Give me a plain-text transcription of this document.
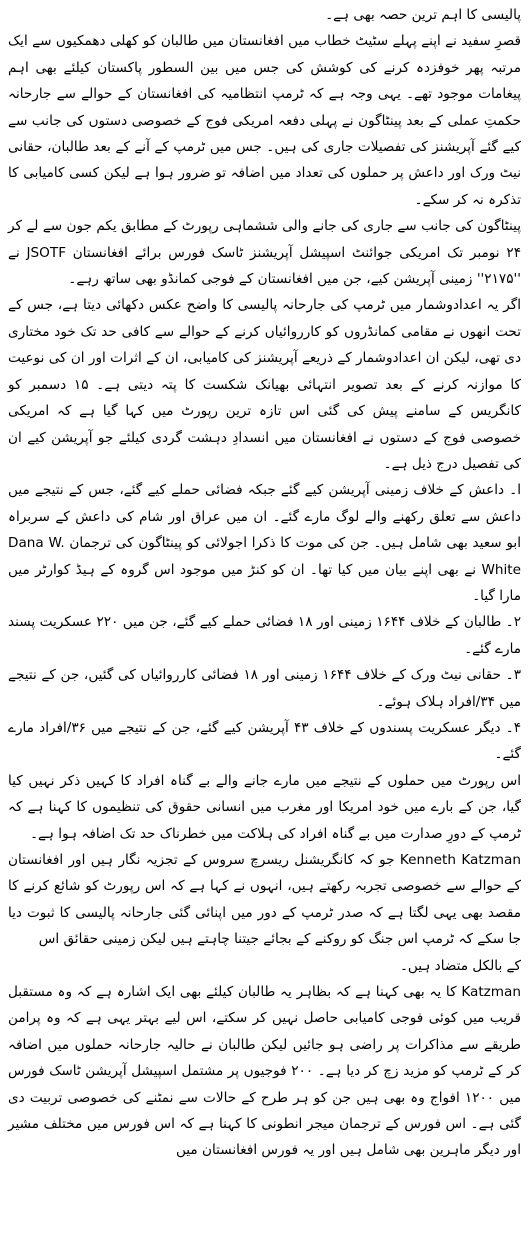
پالیسی کا اہم ترین حصہ بھی ہے۔

قصرِ سفید نے اپنے پہلے سٹیٹ خطاب میں افغانستان میں طالبان کو کھلی دھمکیوں سے ایک مرتبہ پھر خوفزدہ کرنے کی کوشش کی جس میں بین السطور پاکستان کیلئے بھی اہم پیغامات موجود تھے۔ یہی وجہ ہے کہ ٹرمپ انتظامیہ کی افغانستان کے حوالے سے جارحانہ حکمتِ عملی کے بعد پینٹاگون نے پہلی دفعہ امریکی فوج کے خصوصی دستوں کی جانب سے کیے گئے آپریشنز کی تفصیلات جاری کی ہیں۔ جس میں ٹرمپ کے آنے کے بعد طالبان، حقانی نیٹ ورک اور داعش پر حملوں کی تعداد میں اضافہ تو ضرور ہوا ہے لیکن کسی کامیابی کا تذکرہ نہ کر سکے۔

پینٹاگون کی جانب سے جاری کی جانے والی ششماہی رپورٹ کے مطابق یکم جون سے لے کر ۲۴ نومبر تک امریکی جوائنٹ اسپیشل آپریشنز ٹاسک فورس برائے افغانستان JSOTF نے ''۲۱۷۵'' زمینی آپریشن کیے، جن میں افغانستان کے فوجی کمانڈو بھی ساتھ رہے۔

اگر یہ اعدادوشمار میں ٹرمپ کی جارحانہ پالیسی کا واضح عکس دکھائی دیتا ہے، جس کے تحت انھوں نے مقامی کمانڈروں کو کارروائیاں کرنے کے حوالے سے کافی حد تک خود مختاری دی تھی، لیکن ان اعدادوشمار کے ذریعے آپریشنز کی کامیابی، ان کے اثرات اور ان کی نوعیت کا موازنہ کرنے کے بعد تصویر انتہائی بھیانک شکست کا پتہ دیتی ہے۔ ۱۵ دسمبر کو کانگریس کے سامنے پیش کی گئی اس تازہ ترین رپورٹ میں کہا گیا ہے کہ امریکی خصوصی فوج کے دستوں نے افغانستان میں انسدادِ دہشت گردی کیلئے جو آپریشن کیے ان کی تفصیل درج ذیل ہے۔

ا۔ داعش کے خلاف زمینی آپریشن کیے گئے جبکہ فضائی حملے کیے گئے، جس کے نتیجے میں داعش سے تعلق رکھنے والے لوگ مارے گئے۔ ان میں عراق اور شام کی داعش کے سربراہ ابو سعید بھی شامل ہیں۔ جن کی موت کا ذکرا اجولائی کو پینٹاگون کی ترجمان Dana W. White نے بھی اپنے بیان میں کیا تھا۔ ان کو کنڑ میں موجود اس گروہ کے ہیڈ کوارٹر میں مارا گیا۔

۲۔ طالبان کے خلاف ۱۶۴۴ زمینی اور ۱۸ فضائی حملے کیے گئے، جن میں ۲۲۰ عسکریت پسند مارے گئے۔

۳۔ حقانی نیٹ ورک کے خلاف ۱۶۴۴ زمینی اور ۱۸ فضائی کارروائیاں کی گئیں، جن کے نتیجے میں ۳۴/افراد ہلاک ہوئے۔

۴۔ دیگر عسکریت پسندوں کے خلاف ۴۳ آپریشن کیے گئے، جن کے نتیجے میں ۳۶/افراد مارے گئے۔

اس رپورٹ میں حملوں کے نتیجے میں مارے جانے والے بے گناہ افراد کا کہیں ذکر نہیں کیا گیا، جن کے بارے میں خود امریکا اور مغرب میں انسانی حقوق کی تنظیموں کا کہنا ہے کہ ٹرمپ کے دورِ صدارت میں بے گناہ افراد کی ہلاکت میں خطرناک حد تک اضافہ ہوا ہے۔

Kenneth Katzman جو کہ کانگریشنل ریسرچ سروس کے تجزیہ نگار ہیں اور افغانستان کے حوالے سے خصوصی تجربہ رکھتے ہیں، انہوں نے کہا ہے کہ اس رپورٹ کو شائع کرنے کا مقصد بھی یہی لگتا ہے کہ صدر ٹرمپ کے دور میں اپنائی گئی جارحانہ پالیسی کا ثبوت دیا جا سکے کہ ٹرمپ اس جنگ کو روکنے کے بجائے جیتنا چاہتے ہیں لیکن زمینی حقائق اس

کے بالکل متضاد ہیں۔

Katzman کا یہ بھی کہنا ہے کہ بظاہر یہ طالبان کیلئے بھی ایک اشارہ ہے کہ وہ مستقبل قریب میں کوئی فوجی کامیابی حاصل نہیں کر سکتے، اس لیے بہتر یہی ہے کہ وہ پرامن طریقے سے مذاکرات پر راضی ہو جائیں لیکن طالبان نے حالیہ جارحانہ حملوں میں اضافہ کر کے ٹرمپ کو مزید زچ کر دیا ہے۔ ۲۰۰ فوجیوں پر مشتمل اسپیشل آپریشن ٹاسک فورس میں ۱۲۰۰ افواج وہ بھی ہیں جن کو ہر طرح کے حالات سے نمٹنے کی خصوصی تربیت دی گئی ہے۔ اس فورس کے ترجمان میجر انطونی کا کہنا ہے کہ اس فورس میں مختلف مشیر اور دیگر ماہرین بھی شامل ہیں اور یہ فورس افغانستان میں
